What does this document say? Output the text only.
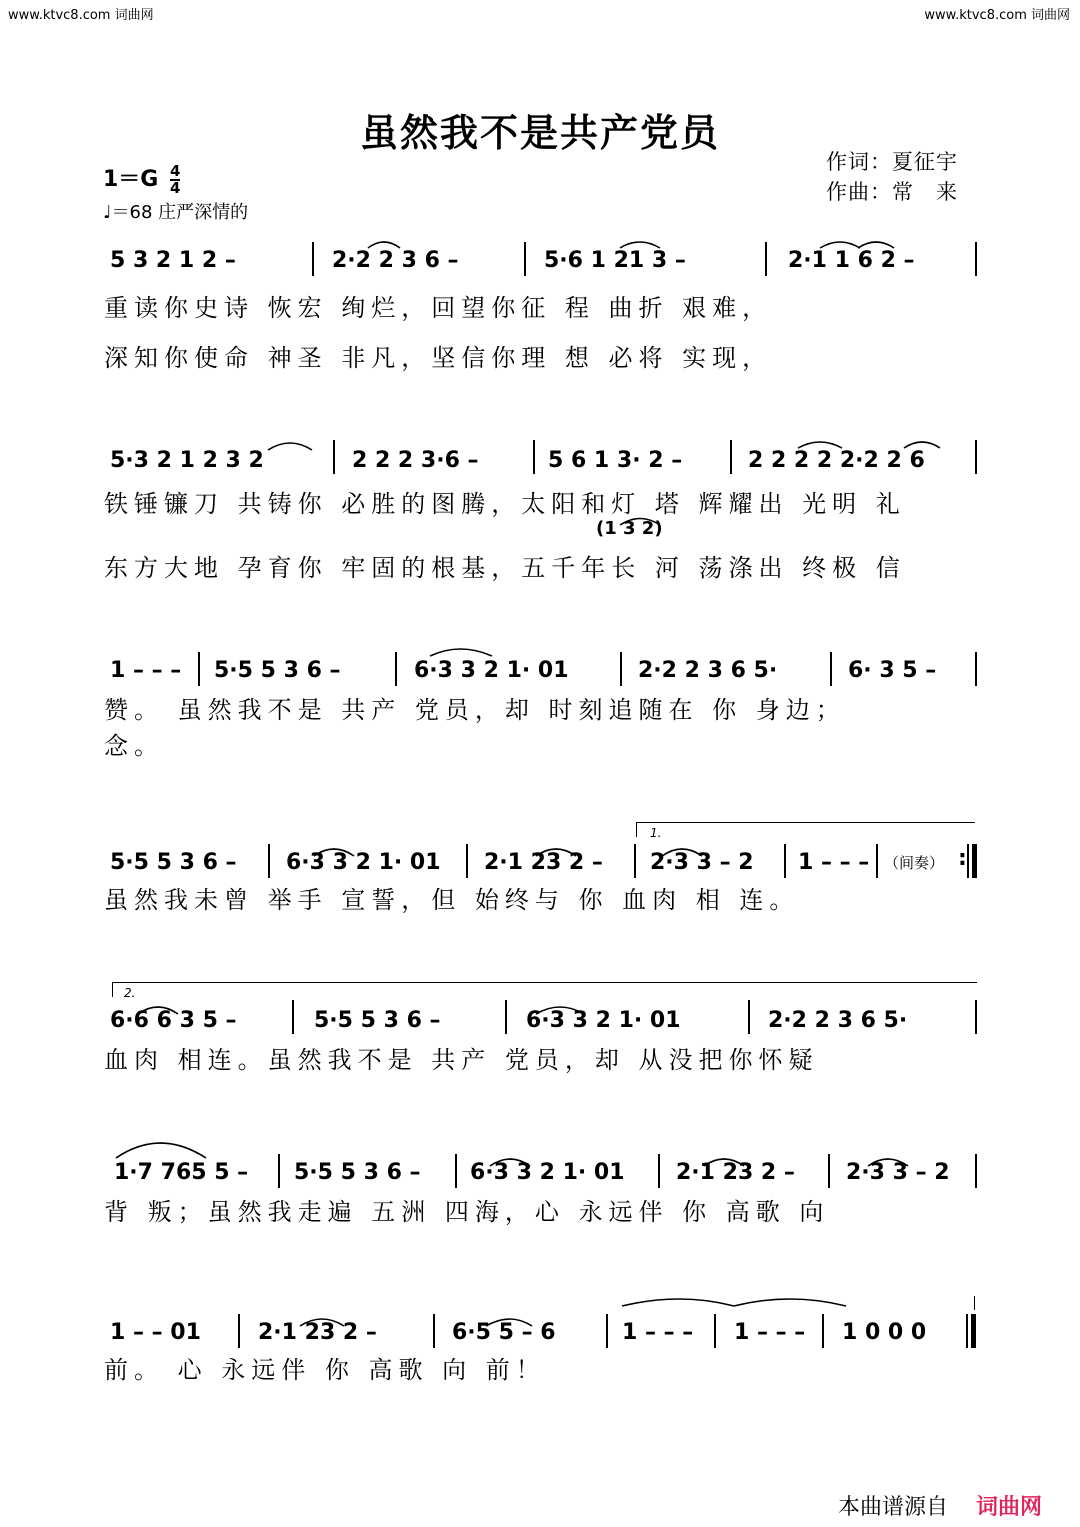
www.ktvc8.com 词曲网	www.ktvc8.com 词曲网
虽然我不是共产党员
作词：夏征宇
作曲：常　来
$1=G \frac{4}{4}$
♩＝68 庄严深情的
5 3 2 1 2 –	2·2 2 3 6 –	5·6 1 21 3 –	2·1 1 6 2 –
重读你史诗 恢宏 绚烂，回望你征 程 曲折 艰难，
深知你使命 神圣 非凡，坚信你理 想 必将 实现，
5·3 2 1 2 3 2	2 2 2 3·6 –	5 6 1 3· 2 –	2 2 2 2 2·2 2 6
铁锤镰刀 共铸你 必胜的图腾，太阳和灯 塔 辉耀出 光明 礼
(1 3 2)
东方大地 孕育你 牢固的根基，五千年长 河 荡涤出 终极 信
1 – – – 5·5 5 3 6 –	6·3 3 2 1· 01	2·2 2 3 6 5·	6· 3 5 –
赞。 虽然我不是 共产 党员，却 时刻追随在 你 身边；
念。
1.
5·5 5 3 6 – 6·3 3 2 1· 01 2·1 23 2 – 2·3 3 – 2 1 – – – （间奏） :
虽然我未曾 举手 宣誓，但 始终与 你 血肉 相 连。
2.
6·6 6 3 5 –	5·5 5 3 6 –	6·3 3 2 1· 01	2·2 2 3 6 5·
血肉 相连。虽然我不是 共产 党员，却 从没把你怀疑
1·7 765 5 – 5·5 5 3 6 – 6·3 3 2 1· 01 2·1 23 2 – 2·3 3 – 2
背 叛；虽然我走遍 五洲 四海，心 永远伴 你 高歌 向
1 – – 01	2·1 23 2 –	6·5 5 – 6	1 – – – 1 – – – 1 0 0 0
前。 心 永远伴 你 高歌 向 前！
本曲谱源自 词曲网
